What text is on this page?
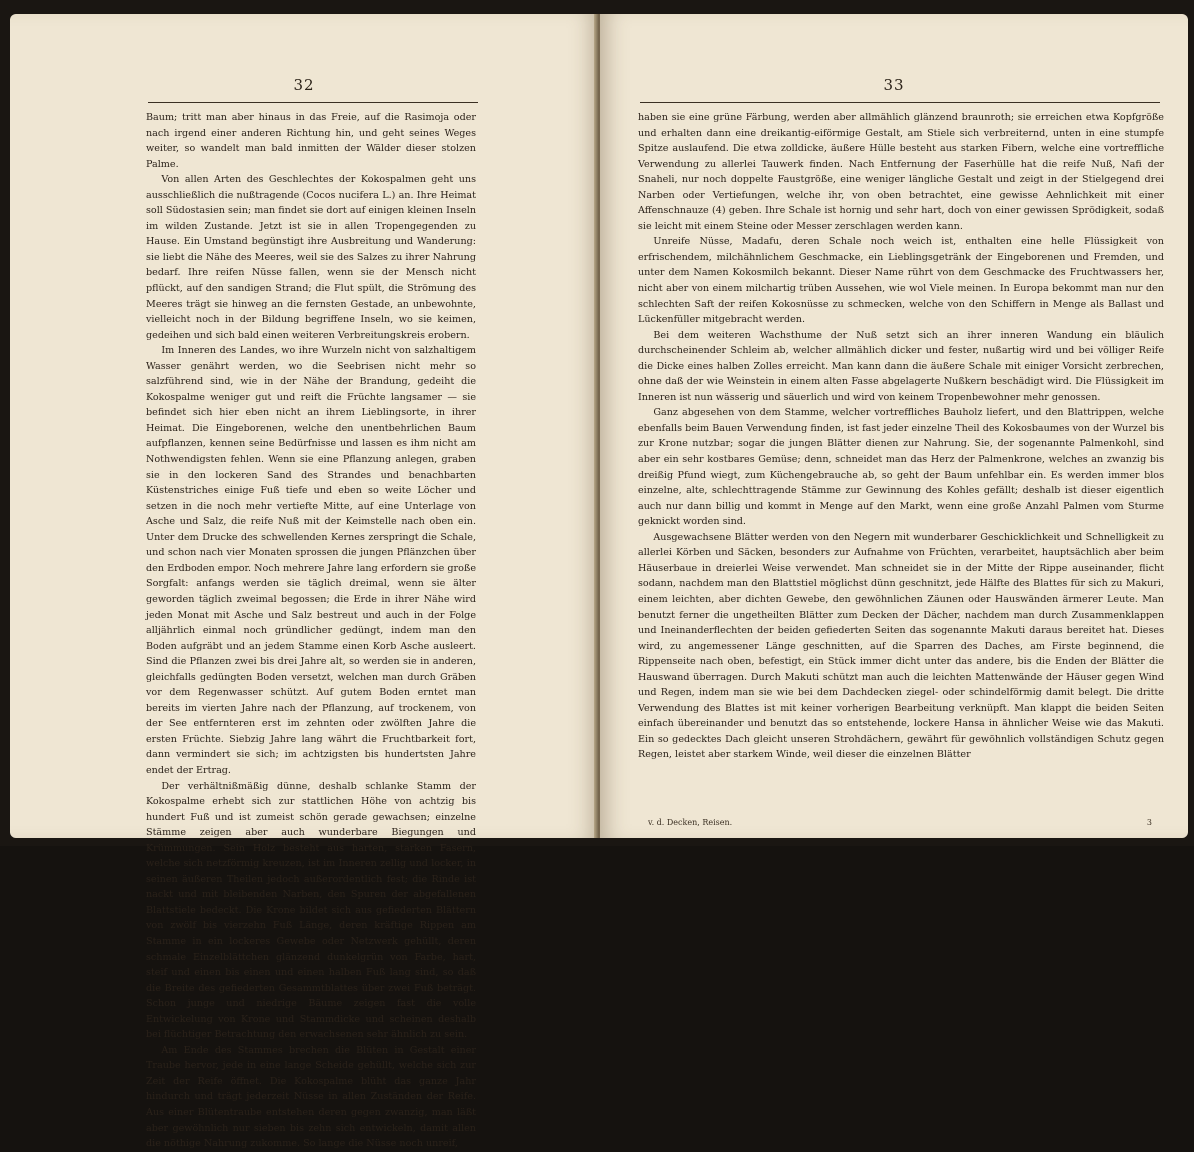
32

Baum; tritt man aber hinaus in das Freie, auf die Rasimoja oder nach irgend einer anderen Richtung hin, und geht seines Weges weiter, so wandelt man bald inmitten der Wälder dieser stolzen Palme.

Von allen Arten des Geschlechtes der Kokospalmen geht uns ausschließlich die nußtragende (Cocos nucifera L.) an. Ihre Heimat soll Südostasien sein; man findet sie dort auf einigen kleinen Inseln im wilden Zustande. Jetzt ist sie in allen Tropengegenden zu Hause. Ein Umstand begünstigt ihre Ausbreitung und Wanderung: sie liebt die Nähe des Meeres, weil sie des Salzes zu ihrer Nahrung bedarf. Ihre reifen Nüsse fallen, wenn sie der Mensch nicht pflückt, auf den sandigen Strand; die Flut spült, die Strömung des Meeres trägt sie hinweg an die fernsten Gestade, an unbewohnte, vielleicht noch in der Bildung begriffene Inseln, wo sie keimen, gedeihen und sich bald einen weiteren Verbreitungskreis erobern.

Im Inneren des Landes, wo ihre Wurzeln nicht von salzhaltigem Wasser genährt werden, wo die Seebrisen nicht mehr so salzführend sind, wie in der Nähe der Brandung, gedeiht die Kokospalme weniger gut und reift die Früchte langsamer — sie befindet sich hier eben nicht an ihrem Lieblingsorte, in ihrer Heimat. Die Eingeborenen, welche den unentbehrlichen Baum aufpflanzen, kennen seine Bedürfnisse und lassen es ihm nicht am Nothwendigsten fehlen. Wenn sie eine Pflanzung anlegen, graben sie in den lockeren Sand des Strandes und benachbarten Küstenstriches einige Fuß tiefe und eben so weite Löcher und setzen in die noch mehr vertiefte Mitte, auf eine Unterlage von Asche und Salz, die reife Nuß mit der Keimstelle nach oben ein. Unter dem Drucke des schwellenden Kernes zerspringt die Schale, und schon nach vier Monaten sprossen die jungen Pflänzchen über den Erdboden empor. Noch mehrere Jahre lang erfordern sie große Sorgfalt: anfangs werden sie täglich dreimal, wenn sie älter geworden täglich zweimal begossen; die Erde in ihrer Nähe wird jeden Monat mit Asche und Salz bestreut und auch in der Folge alljährlich einmal noch gründlicher gedüngt, indem man den Boden aufgräbt und an jedem Stamme einen Korb Asche ausleert. Sind die Pflanzen zwei bis drei Jahre alt, so werden sie in anderen, gleichfalls gedüngten Boden versetzt, welchen man durch Gräben vor dem Regenwasser schützt. Auf gutem Boden erntet man bereits im vierten Jahre nach der Pflanzung, auf trockenem, von der See entfernteren erst im zehnten oder zwölften Jahre die ersten Früchte. Siebzig Jahre lang währt die Fruchtbarkeit fort, dann vermindert sie sich; im achtzigsten bis hundertsten Jahre endet der Ertrag.

Der verhältnißmäßig dünne, deshalb schlanke Stamm der Kokospalme erhebt sich zur stattlichen Höhe von achtzig bis hundert Fuß und ist zumeist schön gerade gewachsen; einzelne Stämme zeigen aber auch wunderbare Biegungen und Krümmungen. Sein Holz besteht aus harten, starken Fasern, welche sich netzförmig kreuzen, ist im Inneren zellig und locker, in seinen äußeren Theilen jedoch außerordentlich fest; die Rinde ist nackt und mit bleibenden Narben, den Spuren der abgefallenen Blattstiele bedeckt. Die Krone bildet sich aus gefiederten Blättern von zwölf bis vierzehn Fuß Länge, deren kräftige Rippen am Stamme in ein lockeres Gewebe oder Netzwerk gehüllt, deren schmale Einzelblättchen glänzend dunkelgrün von Farbe, hart, steif und einen bis einen und einen halben Fuß lang sind, so daß die Breite des gefiederten Gesammtblattes über zwei Fuß beträgt. Schon junge und niedrige Bäume zeigen fast die volle Entwickelung von Krone und Stammdicke und scheinen deshalb bei flüchtiger Betrachtung den erwachsenen sehr ähnlich zu sein.

Am Ende des Stammes brechen die Blüten in Gestalt einer Traube hervor, jede in eine lange Scheide gehüllt, welche sich zur Zeit der Reife öffnet. Die Kokospalme blüht das ganze Jahr hindurch und trägt jederzeit Nüsse in allen Zuständen der Reife. Aus einer Blütentraube entstehen deren gegen zwanzig, man läßt aber gewöhnlich nur sieben bis zehn sich entwickeln, damit allen die nöthige Nahrung zukomme. So lange die Nüsse noch unreif,

33

haben sie eine grüne Färbung, werden aber allmählich glänzend braunroth; sie erreichen etwa Kopfgröße und erhalten dann eine dreikantig-eiförmige Gestalt, am Stiele sich verbreiternd, unten in eine stumpfe Spitze auslaufend. Die etwa zolldicke, äußere Hülle besteht aus starken Fibern, welche eine vortreffliche Verwendung zu allerlei Tauwerk finden. Nach Entfernung der Faserhülle hat die reife Nuß, Nafi der Snaheli, nur noch doppelte Faustgröße, eine weniger längliche Gestalt und zeigt in der Stielgegend drei Narben oder Vertiefungen, welche ihr, von oben betrachtet, eine gewisse Aehnlichkeit mit einer Affenschnauze (4) geben. Ihre Schale ist hornig und sehr hart, doch von einer gewissen Sprödigkeit, sodaß sie leicht mit einem Steine oder Messer zerschlagen werden kann.

Unreife Nüsse, Madafu, deren Schale noch weich ist, enthalten eine helle Flüssigkeit von erfrischendem, milchähnlichem Geschmacke, ein Lieblingsgetränk der Eingeborenen und Fremden, und unter dem Namen Kokosmilch bekannt. Dieser Name rührt von dem Geschmacke des Fruchtwassers her, nicht aber von einem milchartig trüben Aussehen, wie wol Viele meinen. In Europa bekommt man nur den schlechten Saft der reifen Kokosnüsse zu schmecken, welche von den Schiffern in Menge als Ballast und Lückenfüller mitgebracht werden.

Bei dem weiteren Wachsthume der Nuß setzt sich an ihrer inneren Wandung ein bläulich durchscheinender Schleim ab, welcher allmählich dicker und fester, nußartig wird und bei völliger Reife die Dicke eines halben Zolles erreicht. Man kann dann die äußere Schale mit einiger Vorsicht zerbrechen, ohne daß der wie Weinstein in einem alten Fasse abgelagerte Nußkern beschädigt wird. Die Flüssigkeit im Inneren ist nun wässerig und säuerlich und wird von keinem Tropenbewohner mehr genossen.

Ganz abgesehen von dem Stamme, welcher vortreffliches Bauholz liefert, und den Blattrippen, welche ebenfalls beim Bauen Verwendung finden, ist fast jeder einzelne Theil des Kokosbaumes von der Wurzel bis zur Krone nutzbar; sogar die jungen Blätter dienen zur Nahrung. Sie, der sogenannte Palmenkohl, sind aber ein sehr kostbares Gemüse; denn, schneidet man das Herz der Palmenkrone, welches an zwanzig bis dreißig Pfund wiegt, zum Küchengebrauche ab, so geht der Baum unfehlbar ein. Es werden immer blos einzelne, alte, schlechttragende Stämme zur Gewinnung des Kohles gefällt; deshalb ist dieser eigentlich auch nur dann billig und kommt in Menge auf den Markt, wenn eine große Anzahl Palmen vom Sturme geknickt worden sind.

Ausgewachsene Blätter werden von den Negern mit wunderbarer Geschicklichkeit und Schnelligkeit zu allerlei Körben und Säcken, besonders zur Aufnahme von Früchten, verarbeitet, hauptsächlich aber beim Häuserbaue in dreierlei Weise verwendet. Man schneidet sie in der Mitte der Rippe auseinander, flicht sodann, nachdem man den Blattstiel möglichst dünn geschnitzt, jede Hälfte des Blattes für sich zu Makuri, einem leichten, aber dichten Gewebe, den gewöhnlichen Zäunen oder Hauswänden ärmerer Leute. Man benutzt ferner die ungetheilten Blätter zum Decken der Dächer, nachdem man durch Zusammenklappen und Ineinanderflechten der beiden gefiederten Seiten das sogenannte Makuti daraus bereitet hat. Dieses wird, zu angemessener Länge geschnitten, auf die Sparren des Daches, am Firste beginnend, die Rippenseite nach oben, befestigt, ein Stück immer dicht unter das andere, bis die Enden der Blätter die Hauswand überragen. Durch Makuti schützt man auch die leichten Mattenwände der Häuser gegen Wind und Regen, indem man sie wie bei dem Dachdecken ziegel- oder schindelförmig damit belegt. Die dritte Verwendung des Blattes ist mit keiner vorherigen Bearbeitung verknüpft. Man klappt die beiden Seiten einfach übereinander und benutzt das so entstehende, lockere Hansa in ähnlicher Weise wie das Makuti. Ein so gedecktes Dach gleicht unseren Strohdächern, gewährt für gewöhnlich vollständigen Schutz gegen Regen, leistet aber starkem Winde, weil dieser die einzelnen Blätter

v. d. Decken, Reisen.	3
